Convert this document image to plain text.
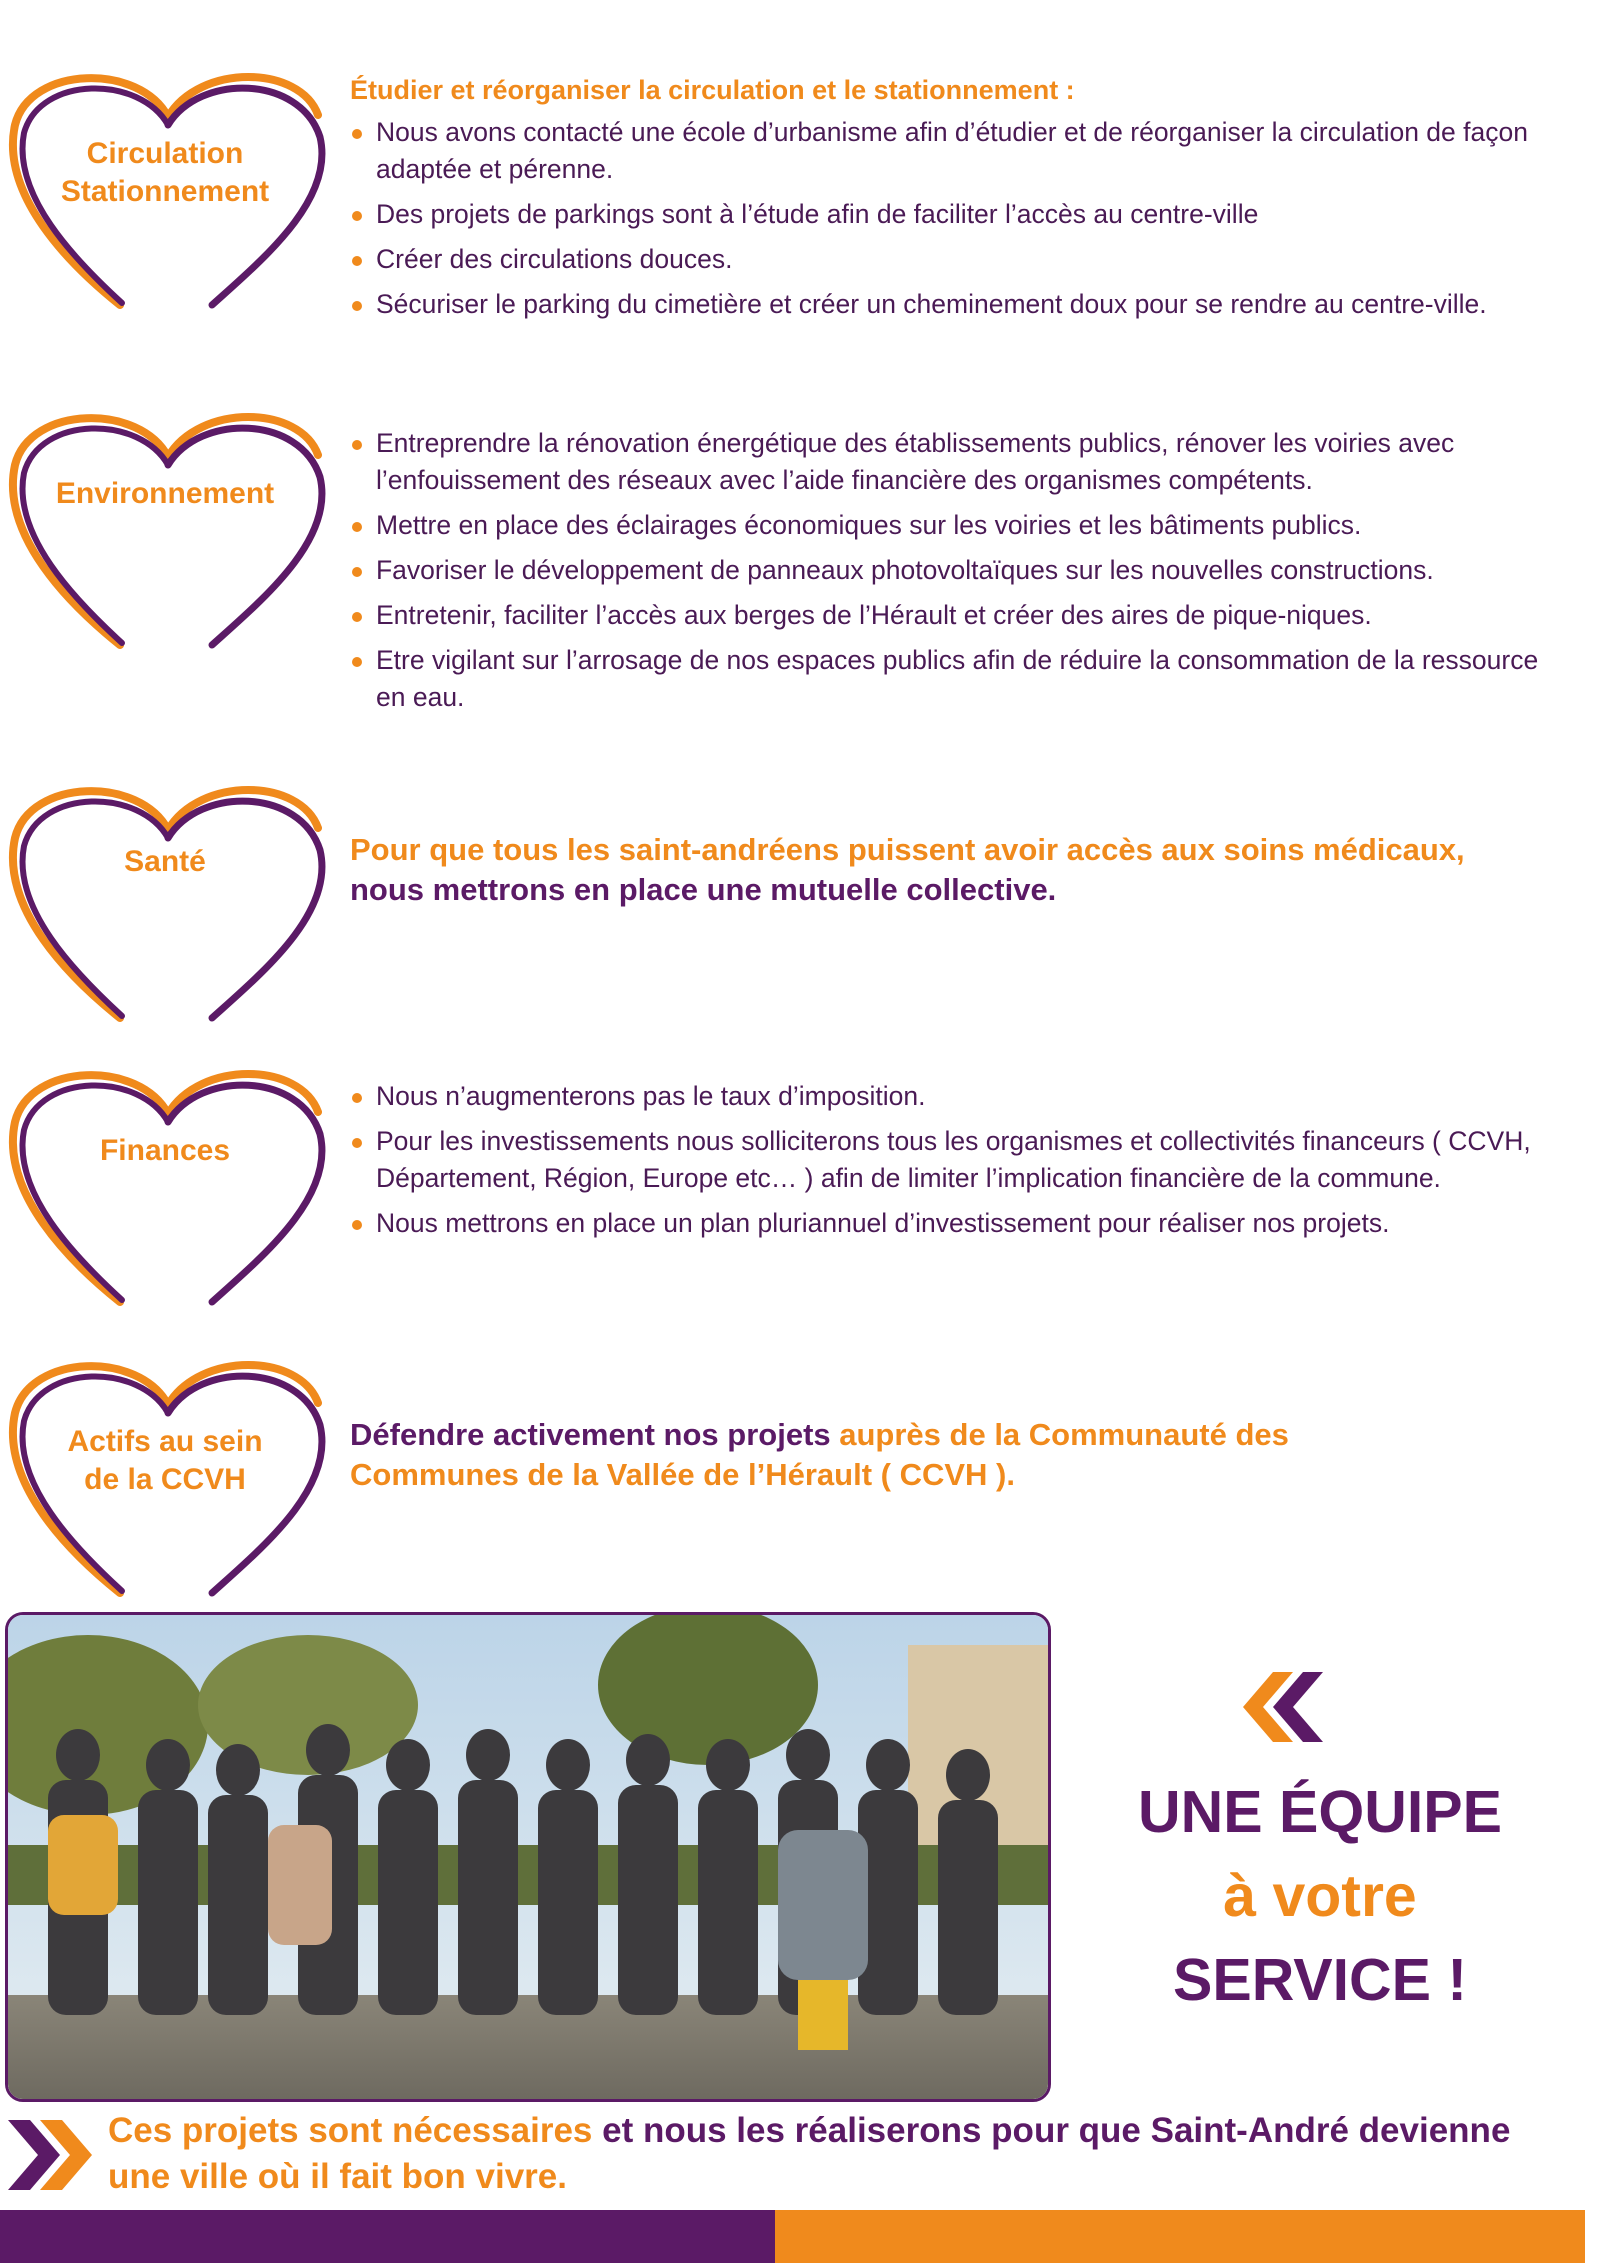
Circulation
Stationnement

Étudier et réorganiser la circulation et le stationnement :

Nous avons contacté une école d’urbanisme afin d’étudier et de réorganiser la circulation de façon adaptée et pérenne.
Des projets de parkings sont à l’étude afin de faciliter l’accès au centre-ville
Créer des circulations douces.
Sécuriser le parking du cimetière et créer un cheminement doux pour se rendre au centre-ville.
Environnement
Entreprendre la rénovation énergétique des établissements publics, rénover les voiries avec l’enfouissement des réseaux avec l’aide financière des organismes compétents.
Mettre en place des éclairages économiques sur les voiries et les bâtiments publics.
Favoriser le développement de panneaux photovoltaïques sur les nouvelles constructions.
Entretenir, faciliter l’accès aux berges de l’Hérault et créer des aires de pique-niques.
Etre vigilant sur l’arrosage de nos espaces publics afin de réduire la consommation de la ressource en eau.
Santé	Pour que tous les saint-andréens puissent avoir accès aux soins médicaux, nous mettrons en place une mutuelle collective.

Finances
Nous n’augmenterons pas le taux d’imposition.
Pour les investissements nous solliciterons tous les organismes et collectivités financeurs ( CCVH, Département, Région, Europe etc… ) afin de limiter l’implication financière de la commune.
Nous mettrons en place un plan pluriannuel d’investissement pour réaliser nos projets.
Actifs au sein
de la CCVH

Défendre activement nos projets auprès de la Communauté des Communes de la Vallée de l’Hérault ( CCVH ).

UNE ÉQUIPE
à votre
SERVICE !
Ces projets sont nécessaires et nous les réaliserons pour que Saint-André devienne une ville où il fait bon vivre.
